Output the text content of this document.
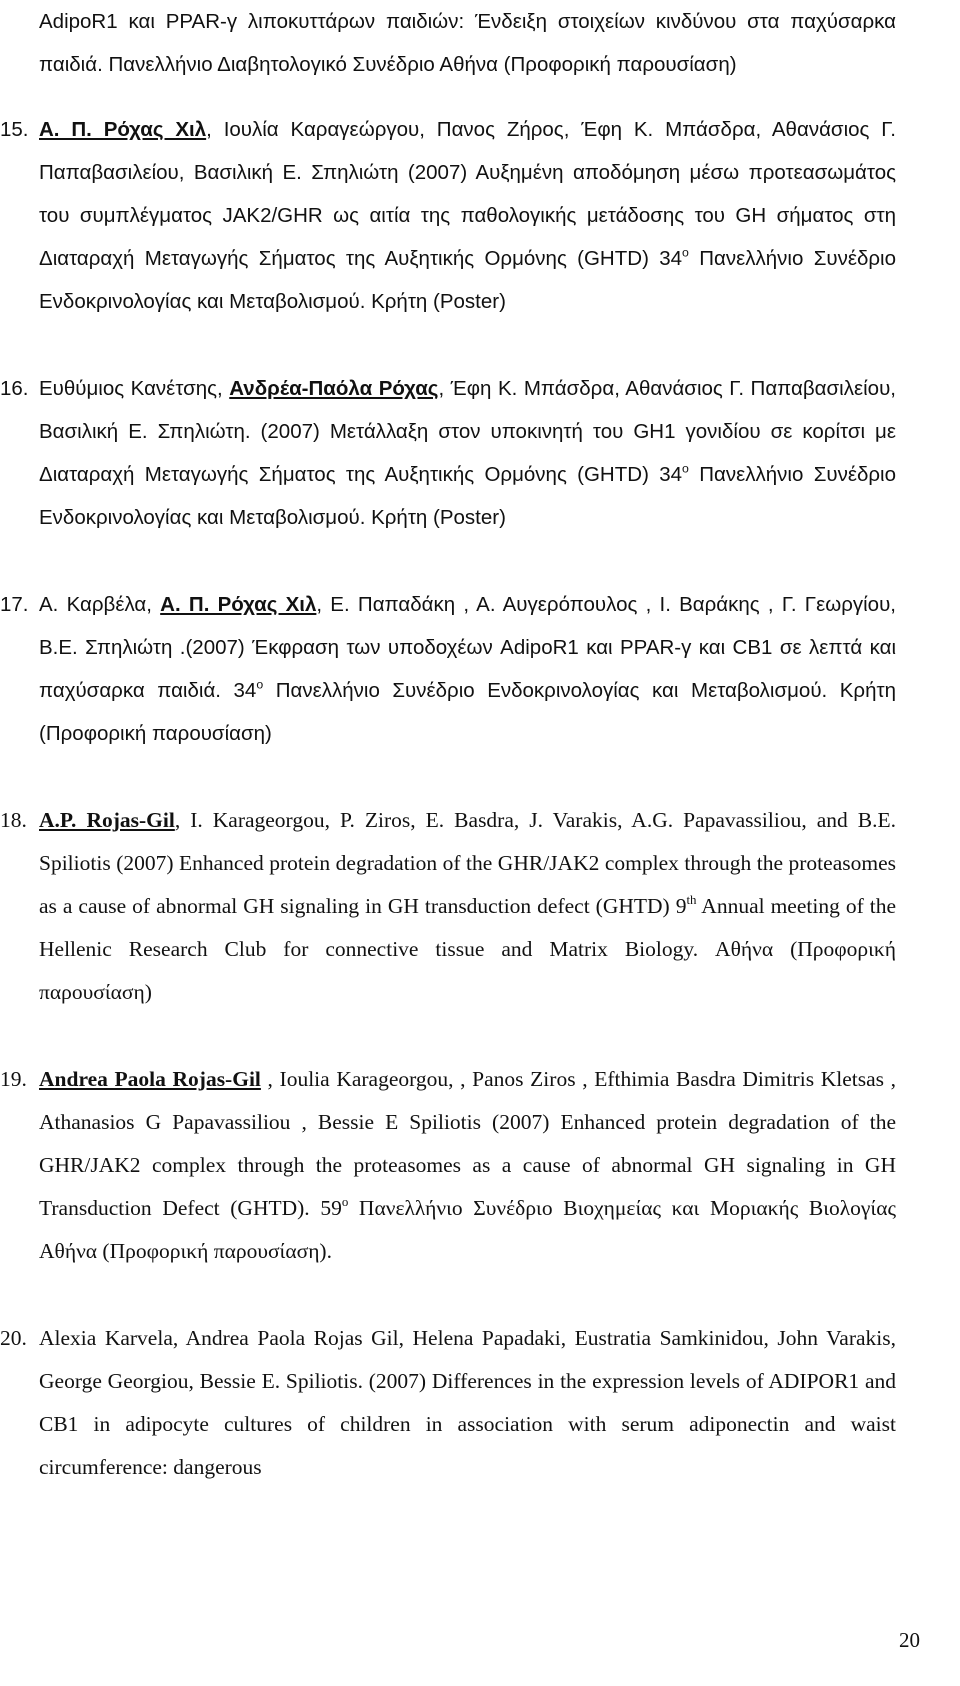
AdipoR1 και PPAR-γ λιποκυττάρων παιδιών: Ένδειξη στοιχείων κινδύνου στα παχύσαρκα παιδιά. Πανελλήνιο Διαβητολογικό Συνέδριο Αθήνα (Προφορική παρουσίαση)

15. Α. Π. Ρόχας Χιλ, Ιουλία Καραγεώργου, Πανος Ζήρος, Έφη Κ. Μπάσδρα, Αθανάσιος Γ. Παπαβασιλείου, Βασιλική Ε. Σπηλιώτη (2007) Αυξημένη αποδόμηση μέσω προτεασωμάτος του συμπλέγματος JAK2/GHR ως αιτία της παθολογικής μετάδοσης του GH σήματος στη Διαταραχή Μεταγωγής Σήματος της Αυξητικής Ορμόνης (GHTD) $34^o$ Πανελλήνιο Συνέδριο Ενδοκρινολογίας και Μεταβολισμού. Κρήτη (Poster)

16. Ευθύμιος Κανέτσης, Ανδρέα-Παόλα Ρόχας, Έφη Κ. Μπάσδρα, Αθανάσιος Γ. Παπαβασιλείου, Βασιλική Ε. Σπηλιώτη. (2007) Μετάλλαξη στον υποκινητή του GH1 γονιδίου σε κορίτσι με Διαταραχή Μεταγωγής Σήματος της Αυξητικής Ορμόνης (GHTD) $34^o$ Πανελλήνιο Συνέδριο Ενδοκρινολογίας και Μεταβολισμού. Κρήτη (Poster)

17. Α. Καρβέλα, Α. Π. Ρόχας Χιλ, Ε. Παπαδάκη , Α. Αυγερόπουλος , Ι. Βαράκης , Γ. Γεωργίου, Β.Ε. Σπηλιώτη .(2007) Έκφραση των υποδοχέων AdipoR1 και PPAR-γ και CB1 σε λεπτά και παχύσαρκα παιδιά. $34^o$ Πανελλήνιο Συνέδριο Ενδοκρινολογίας και Μεταβολισμού. Κρήτη (Προφορική παρουσίαση)

18. A.P. Rojas-Gil, I. Karageorgou, P. Ziros, E. Basdra, J. Varakis, A.G. Papavassiliou, and B.E. Spiliotis (2007) Enhanced protein degradation of the GHR/JAK2 complex through the proteasomes as a cause of abnormal GH signaling in GH transduction defect (GHTD) 9th Annual meeting of the Hellenic Research Club for connective tissue and Matrix Biology. Αθήνα (Προφορική παρουσίαση)

19. Andrea Paola Rojas-Gil , Ioulia Karageorgou, , Panos Ziros , Efthimia Basdra Dimitris Kletsas , Athanasios G Papavassiliou , Bessie E Spiliotis (2007) Enhanced protein degradation of the GHR/JAK2 complex through the proteasomes as a cause of abnormal GH signaling in GH Transduction Defect (GHTD). $59^o$ Πανελλήνιο Συνέδριο Βιοχημείας και Μοριακής Βιολογίας Αθήνα (Προφορική παρουσίαση).

20. Alexia Karvela, Andrea Paola Rojas Gil, Helena Papadaki, Eustratia Samkinidou, John Varakis, George Georgiou, Bessie E. Spiliotis. (2007) Differences in the expression levels of ADIPOR1 and CB1 in adipocyte cultures of children in association with serum adiponectin and waist circumference: dangerous

20
